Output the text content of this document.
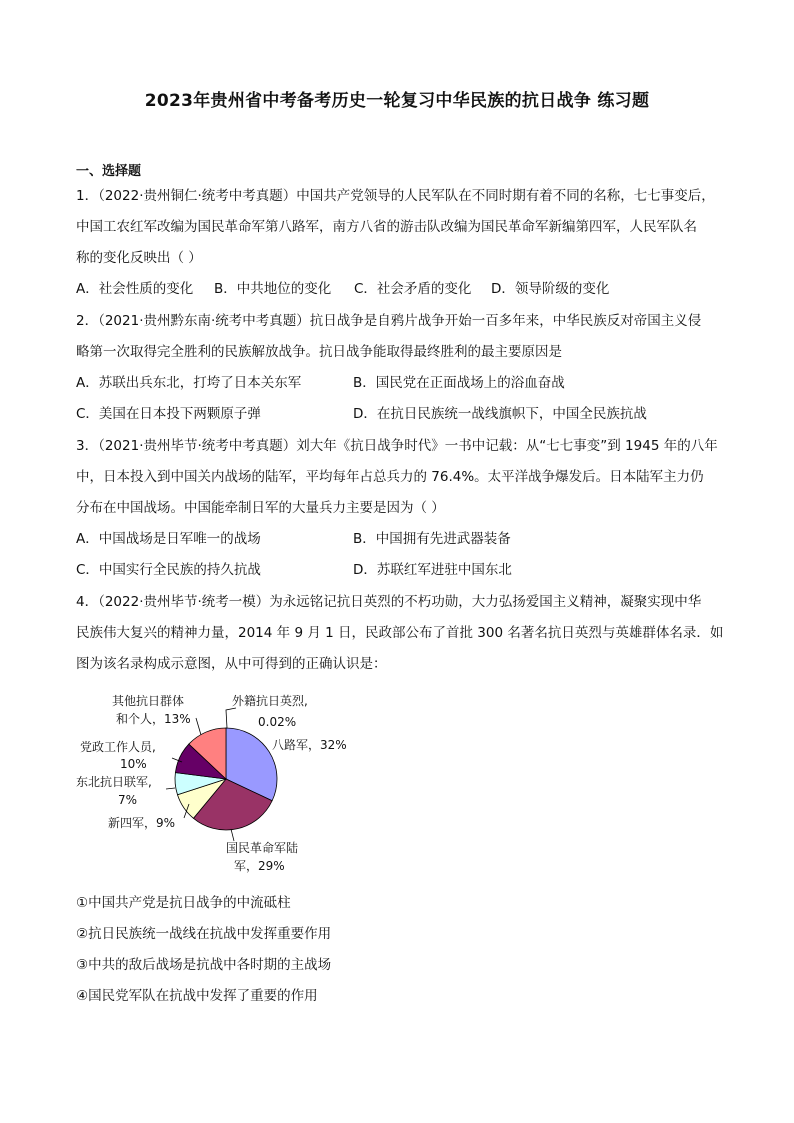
2023年贵州省中考备考历史一轮复习中华民族的抗日战争 练习题
一、选择题
1．（2022·贵州铜仁·统考中考真题）中国共产党领导的人民军队在不同时期有着不同的名称，七七事变后，
中国工农红军改编为国民革命军第八路军，南方八省的游击队改编为国民革命军新编第四军，人民军队名
称的变化反映出（ ）
A．社会性质的变化 B．中共地位的变化 C．社会矛盾的变化 D．领导阶级的变化
2．（2021·贵州黔东南·统考中考真题）抗日战争是自鸦片战争开始一百多年来，中华民族反对帝国主义侵
略第一次取得完全胜利的民族解放战争。抗日战争能取得最终胜利的最主要原因是
A．苏联出兵东北，打垮了日本关东军	B．国民党在正面战场上的浴血奋战
C．美国在日本投下两颗原子弹	D．在抗日民族统一战线旗帜下，中国全民族抗战
3．（2021·贵州毕节·统考中考真题）刘大年《抗日战争时代》一书中记载：从“七七事变”到 1945 年的八年
中，日本投入到中国关内战场的陆军，平均每年占总兵力的 76.4%。太平洋战争爆发后。日本陆军主力仍
分布在中国战场。中国能牵制日军的大量兵力主要是因为（ ）
A．中国战场是日军唯一的战场	B．中国拥有先进武器装备
C．中国实行全民族的持久抗战	D．苏联红军进驻中国东北
4．（2022·贵州毕节·统考一模）为永远铭记抗日英烈的不朽功勋，大力弘扬爱国主义精神，凝聚实现中华
民族伟大复兴的精神力量，2014 年 9 月 1 日，民政部公布了首批 300 名著名抗日英烈与英雄群体名录．如
图为该名录构成示意图，从中可得到的正确认识是：
外籍抗日英烈,
0.02%
八路军，32%
国民革命军陆
军，29%
新四军，9%
东北抗日联军,
7%
党政工作人员,
10%
其他抗日群体
和个人，13%
①中国共产党是抗日战争的中流砥柱
②抗日民族统一战线在抗战中发挥重要作用
③中共的敌后战场是抗战中各时期的主战场
④国民党军队在抗战中发挥了重要的作用
